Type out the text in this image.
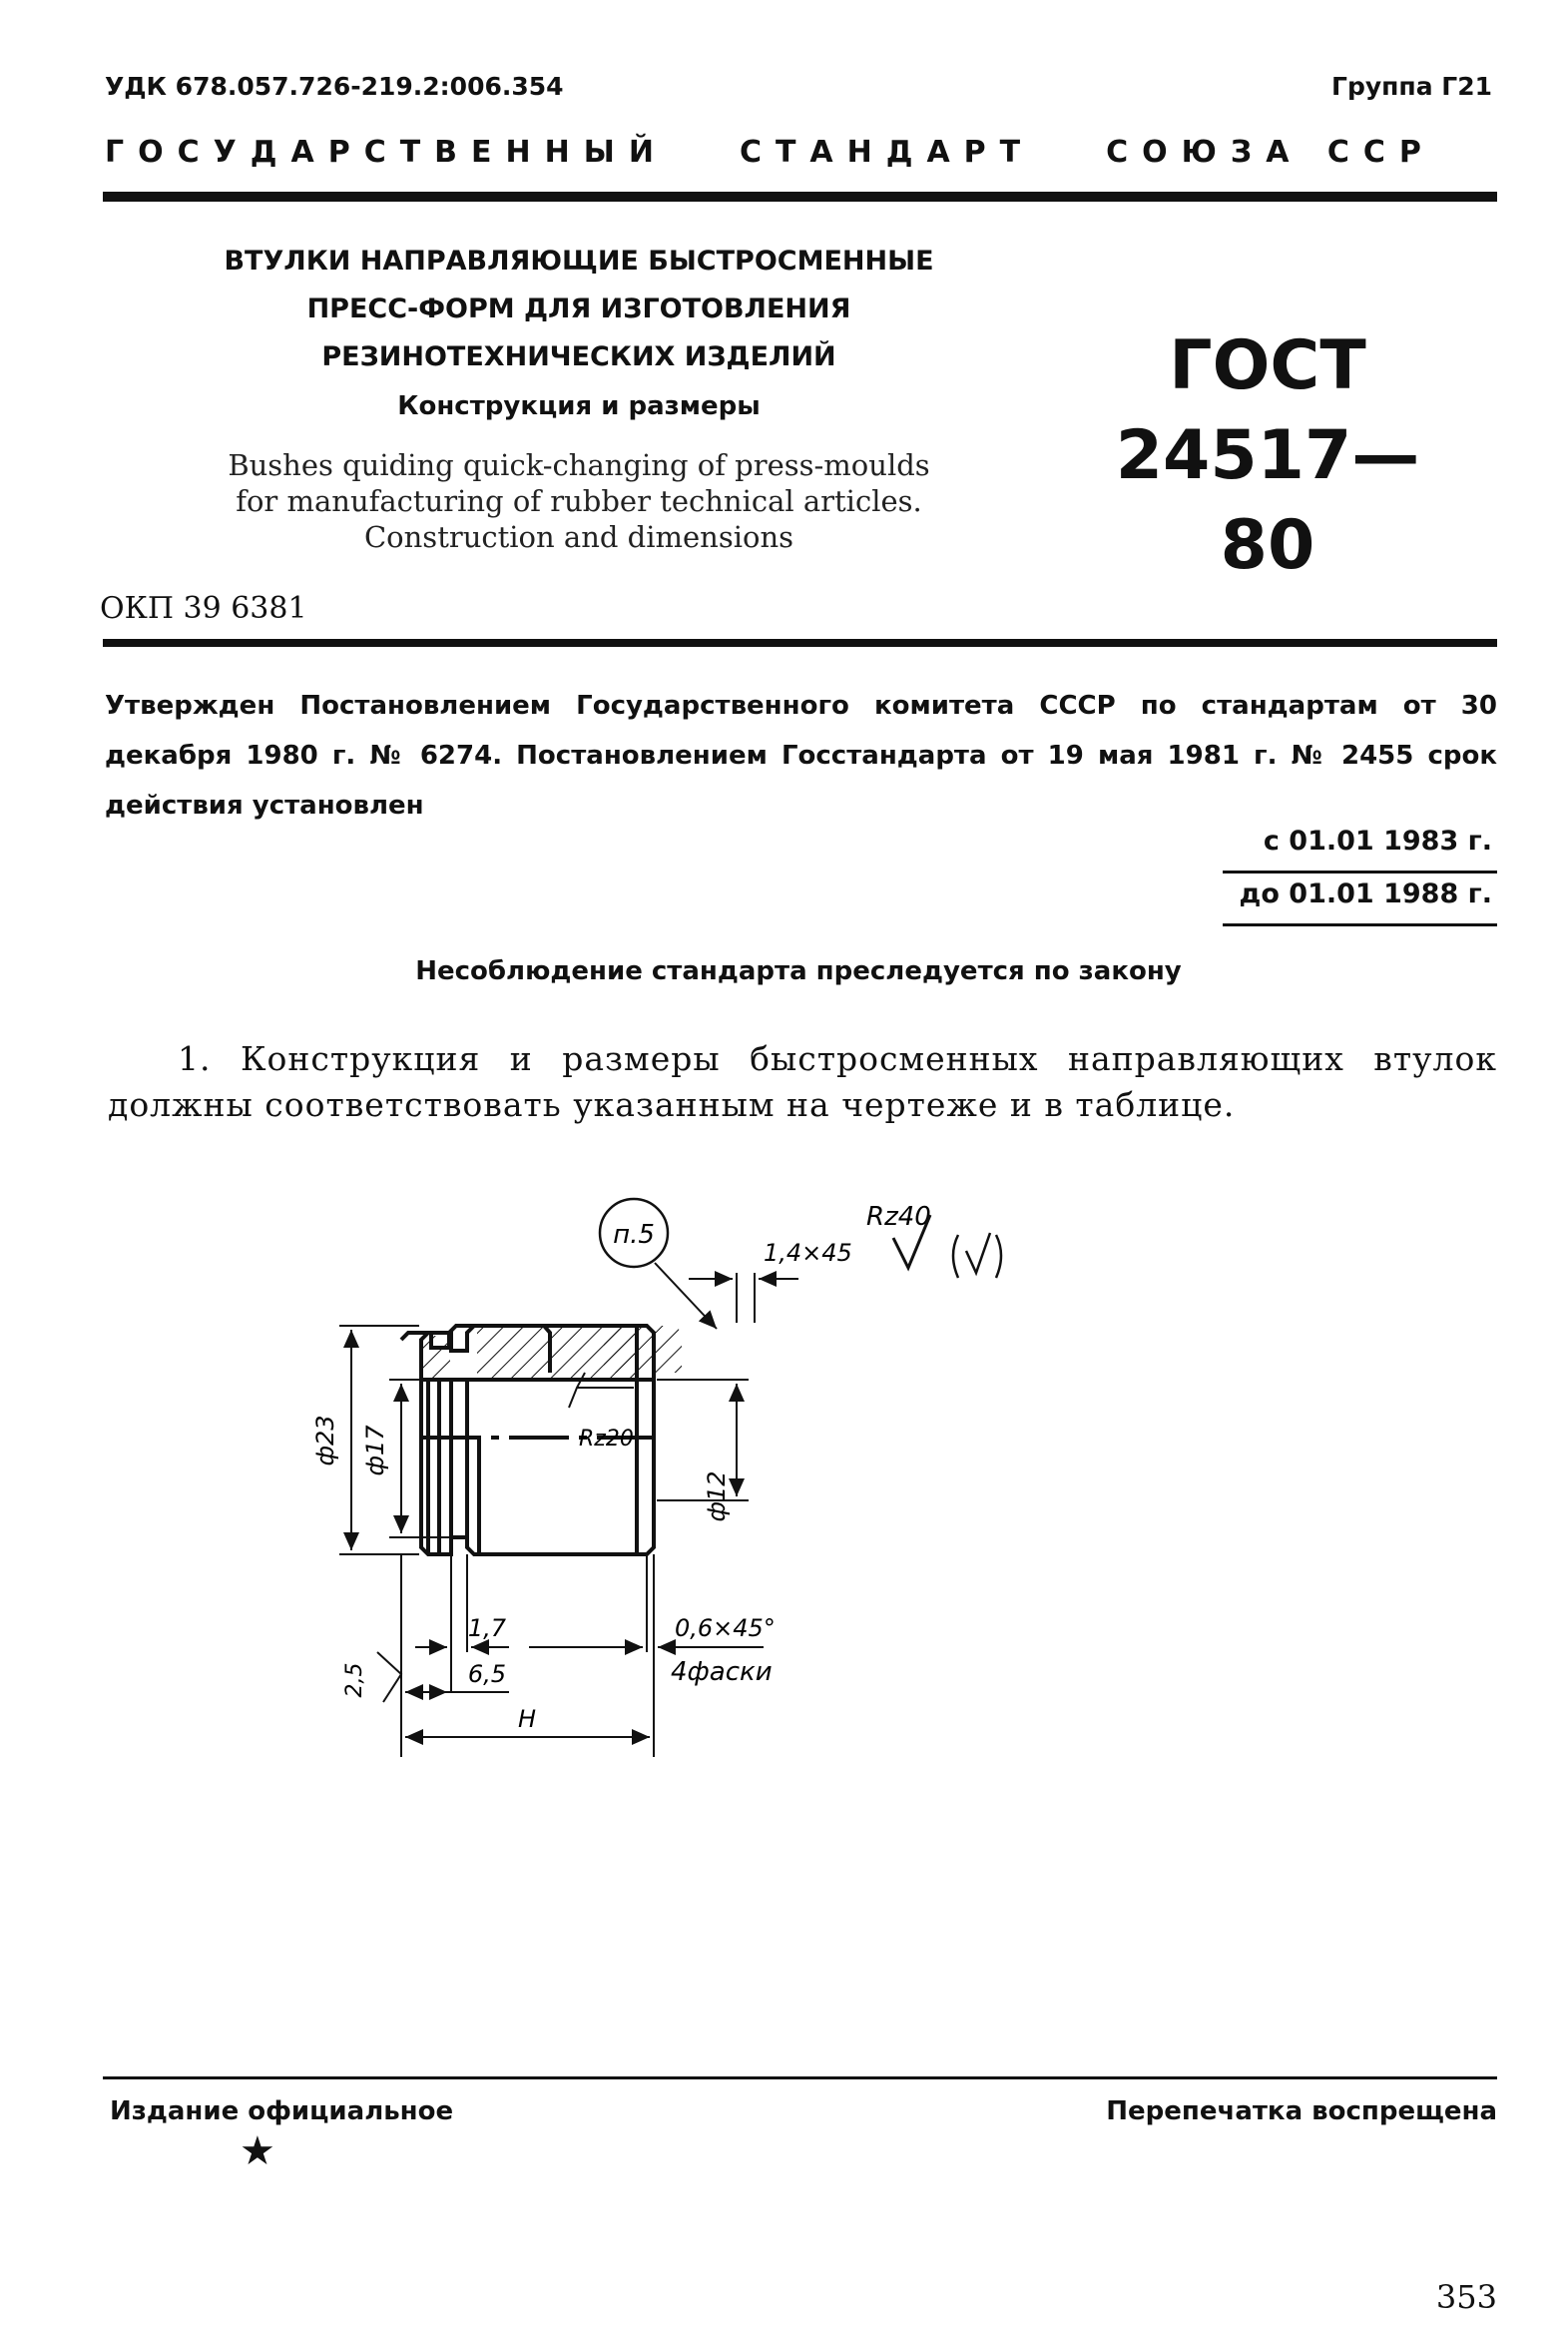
УДК 678.057.726-219.2:006.354	Группа Г21
ГОСУДАРСТВЕННЫЙ СТАНДАРТ СОЮЗА ССР
ВТУЛКИ НАПРАВЛЯЮЩИЕ БЫСТРОСМЕННЫЕ
ПРЕСС-ФОРМ ДЛЯ ИЗГОТОВЛЕНИЯ
РЕЗИНОТЕХНИЧЕСКИХ ИЗДЕЛИЙ
Конструкция и размеры
Bushes quiding quick-changing of press-moulds
for manufacturing of rubber technical articles.
Construction and dimensions
ГОСТ
24517—80
ОКП 39 6381
Утвержден Постановлением Государственного комитета СССР по стандартам от 30 декабря 1980 г. № 6274. Постановлением Госстандарта от 19 мая 1981 г. № 2455 срок действия установлен
с 01.01 1983 г.
до 01.01 1988 г.
Несоблюдение стандарта преследуется по закону
1. Конструкция и размеры быстросменных направляющих втулок должны соответствовать указанным на чертеже и в таблице.
ф23 ф17
ф12
Rz20
п.5
1,4×45
Rz40
1,7	0,6×45°
4фаски
6,5
H
2,5
Издание официальное
★
Перепечатка воспрещена
353
